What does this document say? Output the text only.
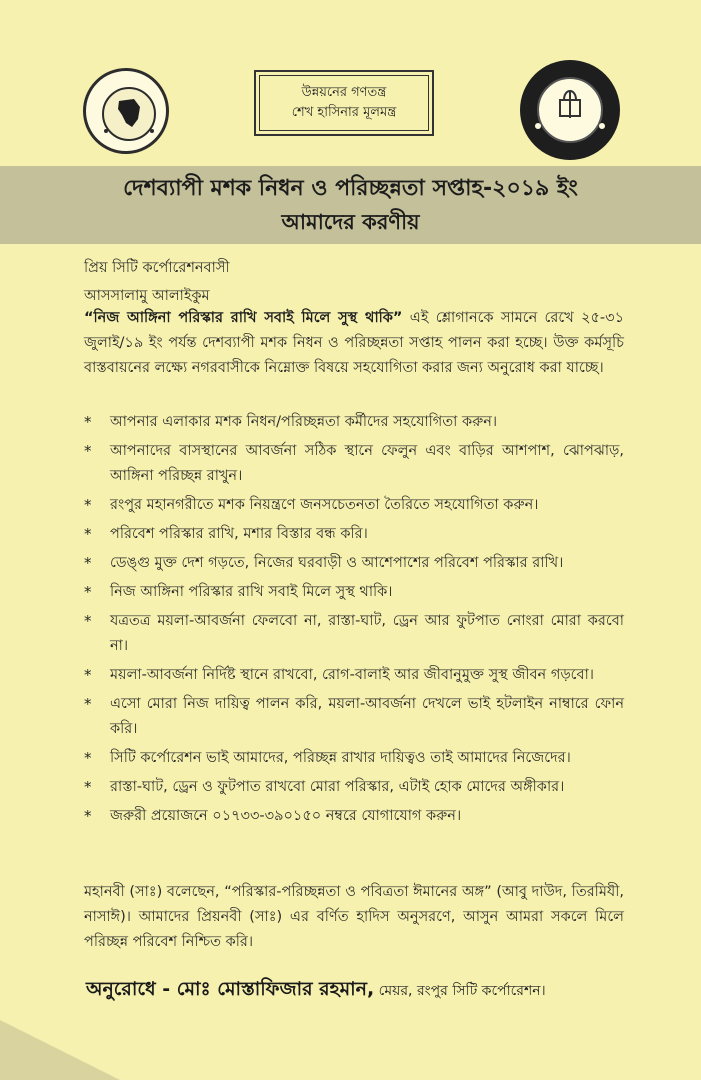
উন্নয়নের গণতন্ত্র
শেখ হাসিনার মূলমন্ত্র
দেশব্যাপী মশক নিধন ও পরিচ্ছন্নতা সপ্তাহ-২০১৯ ইং
আমাদের করণীয়
প্রিয় সিটি কর্পোরেশনবাসী
আসসালামু আলাইকুম
“নিজ আঙ্গিনা পরিস্কার রাখি সবাই মিলে সুস্থ থাকি” এই শ্লোগানকে সামনে রেখে ২৫-৩১ জুলাই/১৯ ইং পর্যন্ত দেশব্যাপী মশক নিধন ও পরিচ্ছন্নতা সপ্তাহ পালন করা হচ্ছে। উক্ত কর্মসূচি বাস্তবায়নের লক্ষ্যে নগরবাসীকে নিম্নোক্ত বিষয়ে সহযোগিতা করার জন্য অনুরোধ করা যাচ্ছে।
* আপনার এলাকার মশক নিধন/পরিচ্ছন্নতা কর্মীদের সহযোগিতা করুন।
* আপনাদের বাসস্থানের আবর্জনা সঠিক স্থানে ফেলুন এবং বাড়ির আশপাশ, ঝোপঝাড়, আঙ্গিনা পরিচ্ছন্ন রাখুন।
* রংপুর মহানগরীতে মশক নিয়ন্ত্রণে জনসচেতনতা তৈরিতে সহযোগিতা করুন।
* পরিবেশ পরিস্কার রাখি, মশার বিস্তার বন্ধ করি।
* ডেঙ্গু মুক্ত দেশ গড়তে, নিজের ঘরবাড়ী ও আশেপাশের পরিবেশ পরিস্কার রাখি।
* নিজ আঙ্গিনা পরিস্কার রাখি সবাই মিলে সুস্থ থাকি।
* যত্রতত্র ময়লা-আবর্জনা ফেলবো না, রাস্তা-ঘাট, ড্রেন আর ফুটপাত নোংরা মোরা করবো না।
* ময়লা-আবর্জনা নির্দিষ্ট স্থানে রাখবো, রোগ-বালাই আর জীবানুমুক্ত সুস্থ জীবন গড়বো।
* এসো মোরা নিজ দায়িত্ব পালন করি, ময়লা-আবর্জনা দেখলে ভাই হটলাইন নাম্বারে ফোন করি।
* সিটি কর্পোরেশন ভাই আমাদের, পরিচ্ছন্ন রাখার দায়িত্বও তাই আমাদের নিজেদের।
* রাস্তা-ঘাট, ড্রেন ও ফুটপাত রাখবো মোরা পরিস্কার, এটাই হোক মোদের অঙ্গীকার।
* জরুরী প্রয়োজনে ০১৭৩৩-৩৯০১৫০ নম্বরে যোগাযোগ করুন।
মহানবী (সাঃ) বলেছেন, “পরিস্কার-পরিচ্ছন্নতা ও পবিত্রতা ঈমানের অঙ্গ” (আবু দাউদ, তিরমিযী, নাসাঈ)। আমাদের প্রিয়নবী (সাঃ) এর বর্ণিত হাদিস অনুসরণে, আসুন আমরা সকলে মিলে পরিচ্ছন্ন পরিবেশ নিশ্চিত করি।
অনুরোধে - মোঃ মোস্তাফিজার রহমান, মেয়র, রংপুর সিটি কর্পোরেশন।
